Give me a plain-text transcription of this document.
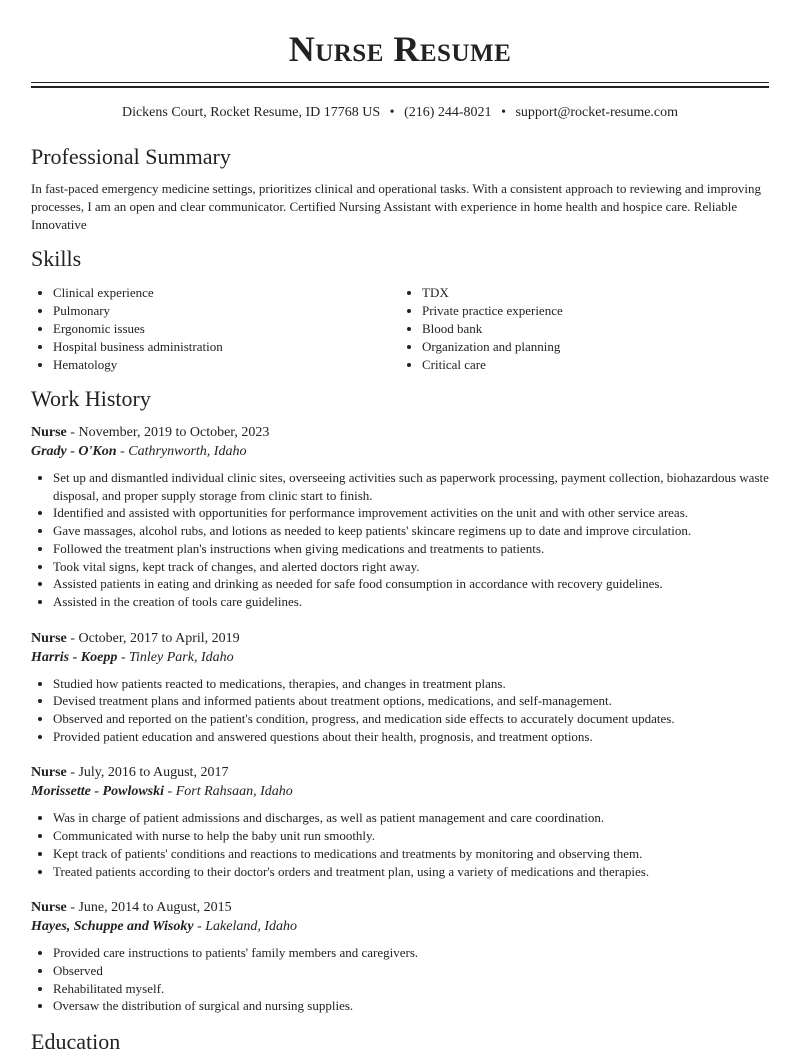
Nurse Resume
Dickens Court, Rocket Resume, ID 17768 US • (216) 244-8021 • support@rocket-resume.com
Professional Summary

In fast-paced emergency medicine settings, prioritizes clinical and operational tasks. With a consistent approach to reviewing and improving processes, I am an open and clear communicator. Certified Nursing Assistant with experience in home health and hospice care. Reliable Innovative

Skills
• Clinical experience
• Pulmonary
• Ergonomic issues
• Hospital business administration
• Hematology
• TDX
• Private practice experience
• Blood bank
• Organization and planning
• Critical care
Work History
Nurse - November, 2019 to October, 2023
Grady - O'Kon - Cathrynworth, Idaho
• Set up and dismantled individual clinic sites, overseeing activities such as paperwork processing, payment collection, biohazardous waste disposal, and proper supply storage from clinic start to finish.
• Identified and assisted with opportunities for performance improvement activities on the unit and with other service areas.
• Gave massages, alcohol rubs, and lotions as needed to keep patients' skincare regimens up to date and improve circulation.
• Followed the treatment plan's instructions when giving medications and treatments to patients.
• Took vital signs, kept track of changes, and alerted doctors right away.
• Assisted patients in eating and drinking as needed for safe food consumption in accordance with recovery guidelines.
• Assisted in the creation of tools care guidelines.
Nurse - October, 2017 to April, 2019
Harris - Koepp - Tinley Park, Idaho
• Studied how patients reacted to medications, therapies, and changes in treatment plans.
• Devised treatment plans and informed patients about treatment options, medications, and self-management.
• Observed and reported on the patient's condition, progress, and medication side effects to accurately document updates.
• Provided patient education and answered questions about their health, prognosis, and treatment options.
Nurse - July, 2016 to August, 2017
Morissette - Powlowski - Fort Rahsaan, Idaho
• Was in charge of patient admissions and discharges, as well as patient management and care coordination.
• Communicated with nurse to help the baby unit run smoothly.
• Kept track of patients' conditions and reactions to medications and treatments by monitoring and observing them.
• Treated patients according to their doctor's orders and treatment plan, using a variety of medications and therapies.
Nurse - June, 2014 to August, 2015
Hayes, Schuppe and Wisoky - Lakeland, Idaho
• Provided care instructions to patients' family members and caregivers.
• Observed
• Rehabilitated myself.
• Oversaw the distribution of surgical and nursing supplies.
Education
